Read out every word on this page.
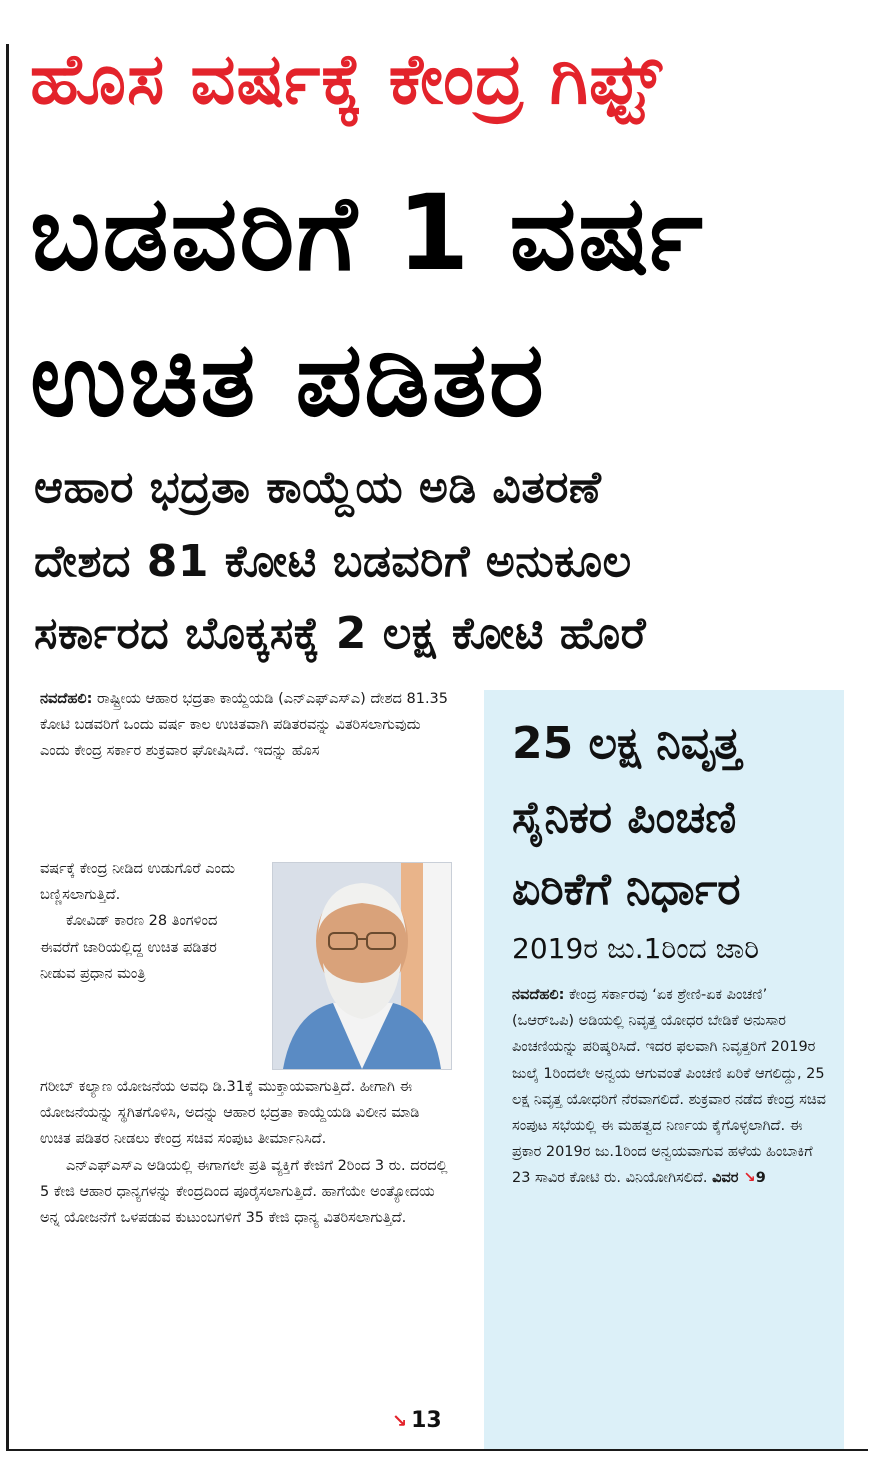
ಹೊಸ ವರ್ಷಕ್ಕೆ ಕೇಂದ್ರ ಗಿಫ್ಟ್
ಬಡವರಿಗೆ 1 ವರ್ಷ
ಉಚಿತ ಪಡಿತರ
ಆಹಾರ ಭದ್ರತಾ ಕಾಯ್ದೆಯ ಅಡಿ ವಿತರಣೆ
ದೇಶದ 81 ಕೋಟಿ ಬಡವರಿಗೆ ಅನುಕೂಲ
ಸರ್ಕಾರದ ಬೊಕ್ಕಸಕ್ಕೆ 2 ಲಕ್ಷ ಕೋಟಿ ಹೊರೆ
ನವದೆಹಲಿ: ರಾಷ್ಟ್ರೀಯ ಆಹಾರ ಭದ್ರತಾ ಕಾಯ್ದೆಯಡಿ (ಎನ್‌ಎಫ್‌ಎಸ್‌ಎ) ದೇಶದ 81.35 ಕೋಟಿ ಬಡವರಿಗೆ ಒಂದು ವರ್ಷ ಕಾಲ ಉಚಿತವಾಗಿ ಪಡಿತರವನ್ನು ವಿತರಿಸಲಾಗುವುದು ಎಂದು ಕೇಂದ್ರ ಸರ್ಕಾರ ಶುಕ್ರವಾರ ಘೋಷಿಸಿದೆ. ಇದನ್ನು ಹೊಸ
ವರ್ಷಕ್ಕೆ ಕೇಂದ್ರ ನೀಡಿದ ಉಡುಗೊರೆ ಎಂದು ಬಣ್ಣಿಸಲಾಗುತ್ತಿದೆ.
ಕೋವಿಡ್ ಕಾರಣ 28 ತಿಂಗಳಿಂದ ಈವರೆಗೆ ಜಾರಿಯಲ್ಲಿದ್ದ ಉಚಿತ ಪಡಿತರ ನೀಡುವ ಪ್ರಧಾನ ಮಂತ್ರಿ
ಗರೀಬ್ ಕಲ್ಯಾಣ ಯೋಜನೆಯ ಅವಧಿ ಡಿ.31ಕ್ಕೆ ಮುಕ್ತಾಯವಾಗುತ್ತಿದೆ. ಹೀಗಾಗಿ ಈ ಯೋಜನೆಯನ್ನು ಸ್ಥಗಿತಗೊಳಿಸಿ, ಅದನ್ನು ಆಹಾರ ಭದ್ರತಾ ಕಾಯ್ದೆಯಡಿ ವಿಲೀನ ಮಾಡಿ ಉಚಿತ ಪಡಿತರ ನೀಡಲು ಕೇಂದ್ರ ಸಚಿವ ಸಂಪುಟ ತೀರ್ಮಾನಿಸಿದೆ.
ಎನ್‌ಎಫ್‌ಎಸ್‌ಎ ಅಡಿಯಲ್ಲಿ ಈಗಾಗಲೇ ಪ್ರತಿ ವ್ಯಕ್ತಿಗೆ ಕೇಜಿಗೆ 2ರಿಂದ 3 ರು. ದರದಲ್ಲಿ 5 ಕೇಜಿ ಆಹಾರ ಧಾನ್ಯಗಳನ್ನು ಕೇಂದ್ರದಿಂದ ಪೂರೈಸಲಾಗುತ್ತಿದೆ. ಹಾಗೆಯೇ ಅಂತ್ಯೋದಯ ಅನ್ನ ಯೋಜನೆಗೆ ಒಳಪಡುವ ಕುಟುಂಬಗಳಿಗೆ 35 ಕೇಜಿ ಧಾನ್ಯ ವಿತರಿಸಲಾಗುತ್ತಿದೆ.
↘ 13
25 ಲಕ್ಷ ನಿವೃತ್ತ
ಸೈನಿಕರ ಪಿಂಚಣಿ
ಏರಿಕೆಗೆ ನಿರ್ಧಾರ
2019ರ ಜು.1ರಿಂದ ಜಾರಿ
ನವದೆಹಲಿ: ಕೇಂದ್ರ ಸರ್ಕಾರವು ‘ಏಕ ಶ್ರೇಣಿ-ಏಕ ಪಿಂಚಣಿ’ (ಒಆರ್‌ಒಪಿ) ಅಡಿಯಲ್ಲಿ ನಿವೃತ್ತ ಯೋಧರ ಬೇಡಿಕೆ ಅನುಸಾರ ಪಿಂಚಣಿಯನ್ನು ಪರಿಷ್ಕರಿಸಿದೆ. ಇದರ ಫಲವಾಗಿ ನಿವೃತ್ತರಿಗೆ 2019ರ ಜುಲೈ 1ರಿಂದಲೇ ಅನ್ವಯ ಆಗುವಂತೆ ಪಿಂಚಣಿ ಏರಿಕೆ ಆಗಲಿದ್ದು, 25 ಲಕ್ಷ ನಿವೃತ್ತ ಯೋಧರಿಗೆ ನೆರವಾಗಲಿದೆ. ಶುಕ್ರವಾರ ನಡೆದ ಕೇಂದ್ರ ಸಚಿವ ಸಂಪುಟ ಸಭೆಯಲ್ಲಿ ಈ ಮಹತ್ವದ ನಿರ್ಣಯ ಕೈಗೊಳ್ಳಲಾಗಿದೆ. ಈ ಪ್ರಕಾರ 2019ರ ಜು.1ರಿಂದ ಅನ್ವಯವಾಗುವ ಹಳೆಯ ಹಿಂಬಾಕಿಗೆ 23 ಸಾವಿರ ಕೋಟಿ ರು. ವಿನಿಯೋಗಿಸಲಿದೆ. ವಿವರ ↘9
